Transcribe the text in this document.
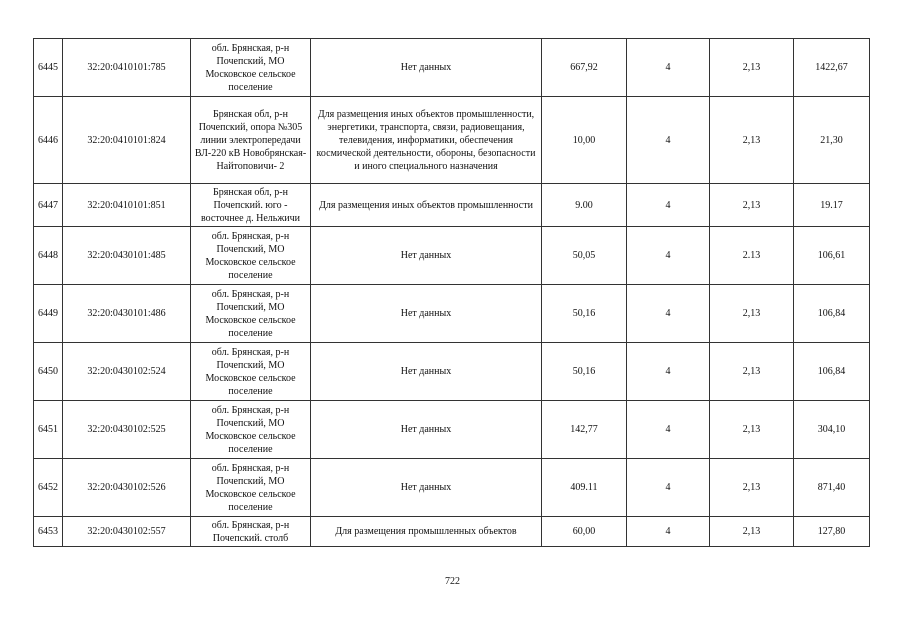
6445	32:20:0410101:785	обл. Брянская, р-н Почепский, МО Московское сельское поселение	Нет данных	667,92	4	2,13	1422,67
6446	32:20:0410101:824	Брянская обл, р-н Почепский, опора №305 линии электропередачи ВЛ-220 кВ Новобрянская-Найтоповичи- 2	Для размещения иных объектов промышленности, энергетики, транспорта, связи, радиовещания, телевидения, информатики, обеспечения космической деятельности, обороны, безопасности и иного специального назначения	10,00	4	2,13	21,30
6447	32:20:0410101:851	Брянская обл, р-н Почепский. юго - восточнее д. Нельжичи	Для размещения иных объектов промышленности	9.00	4	2,13	19.17
6448	32:20:0430101:485	обл. Брянская, р-н Почепский, МО Московское сельское поселение	Нет данных	50,05	4	2.13	106,61
6449	32:20:0430101:486	обл. Брянская, р-н Почепский, МО Московское сельское поселение	Нет данных	50,16	4	2,13	106,84
6450	32:20:0430102:524	обл. Брянская, р-н Почепский, МО Московское сельское поселение	Нет данных	50,16	4	2,13	106,84
6451	32:20:0430102:525	обл. Брянская, р-н Почепский, МО Московское сельское поселение	Нет данных	142,77	4	2,13	304,10
6452	32:20:0430102:526	обл. Брянская, р-н Почепский, МО Московское сельское поселение	Нет данных	409.11	4	2,13	871,40
6453	32:20:0430102:557	обл. Брянская, р-н Почепский. столб	Для размещения промышленных объектов	60,00	4	2,13	127,80
722
